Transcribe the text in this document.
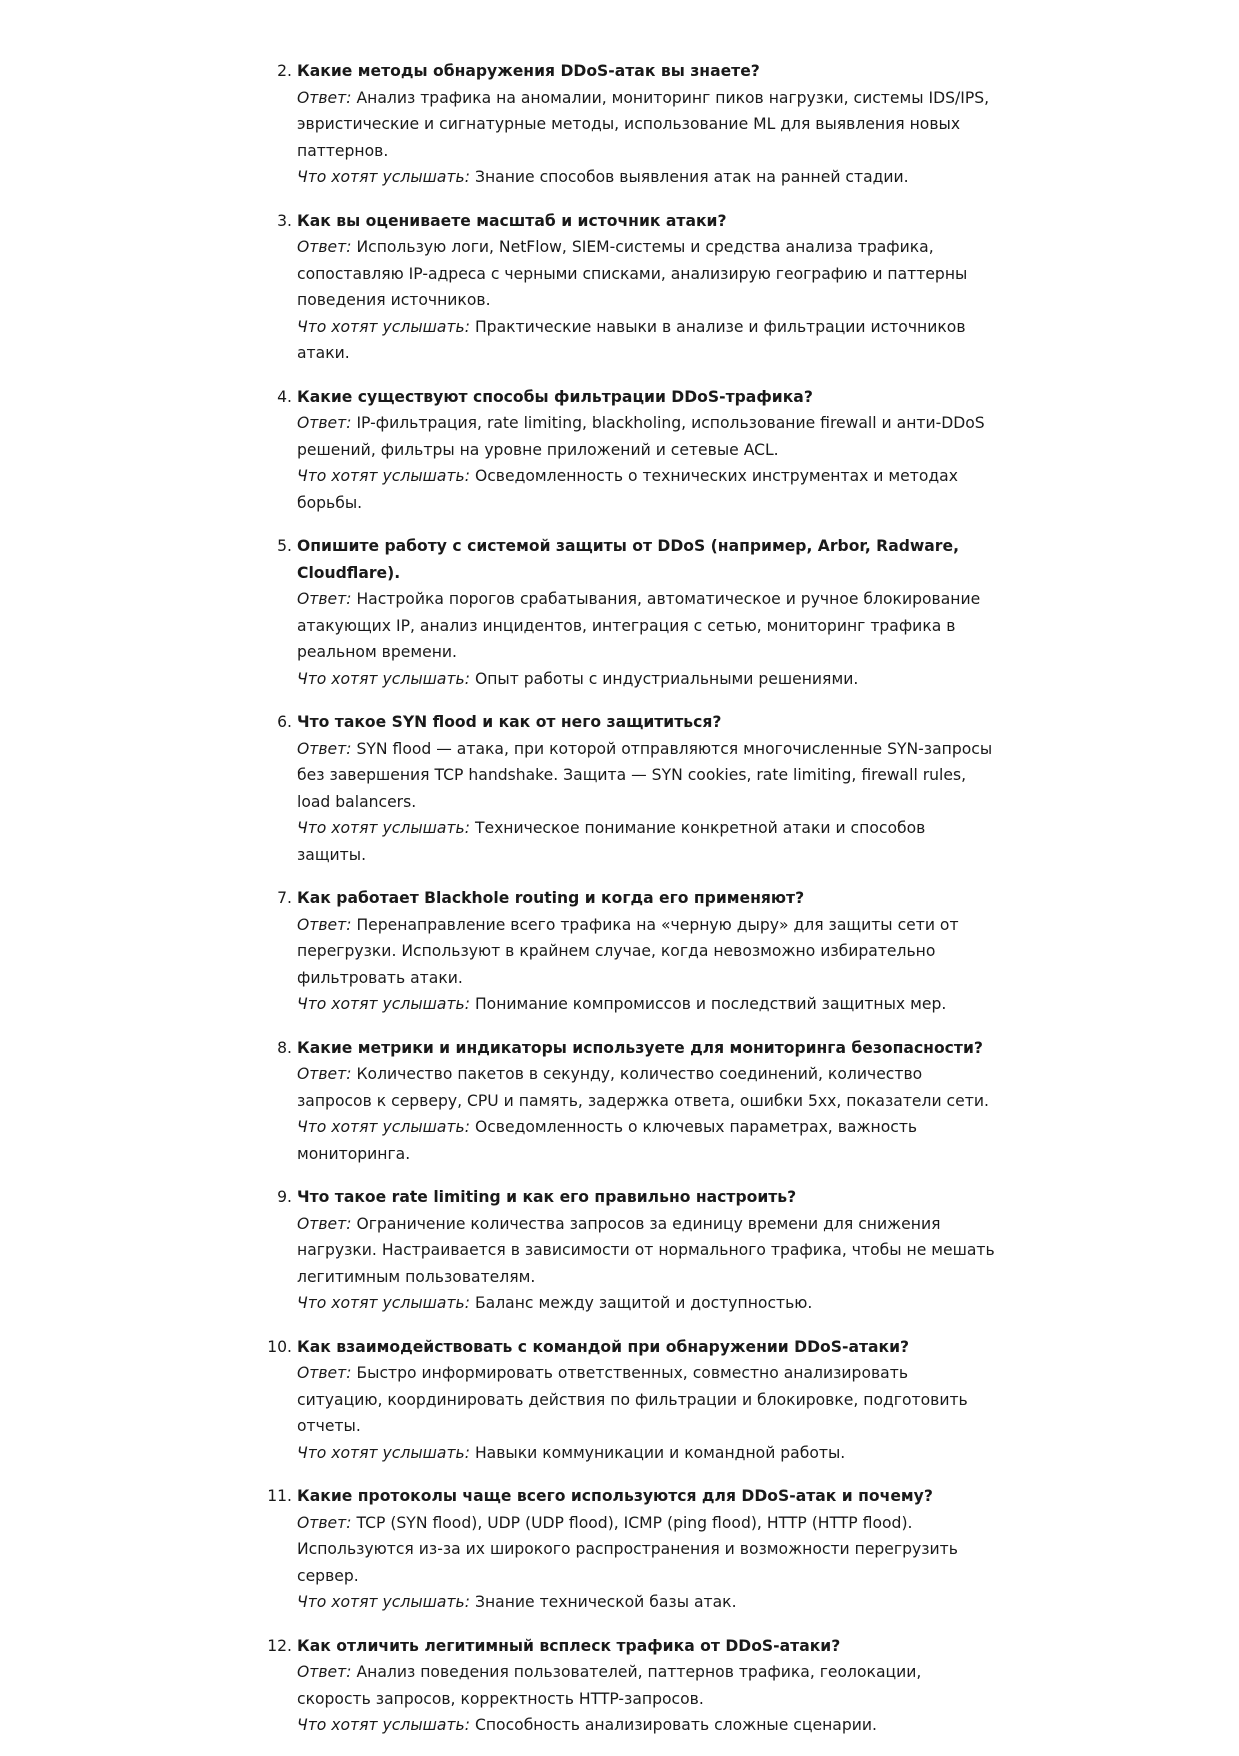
2. Какие методы обнаружения DDoS-атак вы знаете?
Ответ: Анализ трафика на аномалии, мониторинг пиков нагрузки, системы IDS/IPS, эвристические и сигнатурные методы, использование ML для выявления новых паттернов.
Что хотят услышать: Знание способов выявления атак на ранней стадии.
3. Как вы оцениваете масштаб и источник атаки?
Ответ: Использую логи, NetFlow, SIEM-системы и средства анализа трафика, сопоставляю IP-адреса с черными списками, анализирую географию и паттерны поведения источников.
Что хотят услышать: Практические навыки в анализе и фильтрации источников атаки.
4. Какие существуют способы фильтрации DDoS-трафика?
Ответ: IP-фильтрация, rate limiting, blackholing, использование firewall и анти-DDoS решений, фильтры на уровне приложений и сетевые ACL.
Что хотят услышать: Осведомленность о технических инструментах и методах борьбы.
5. Опишите работу с системой защиты от DDoS (например, Arbor, Radware, Cloudflare).
Ответ: Настройка порогов срабатывания, автоматическое и ручное блокирование атакующих IP, анализ инцидентов, интеграция с сетью, мониторинг трафика в реальном времени.
Что хотят услышать: Опыт работы с индустриальными решениями.
6. Что такое SYN flood и как от него защититься?
Ответ: SYN flood — атака, при которой отправляются многочисленные SYN-запросы без завершения TCP handshake. Защита — SYN cookies, rate limiting, firewall rules, load balancers.
Что хотят услышать: Техническое понимание конкретной атаки и способов защиты.
7. Как работает Blackhole routing и когда его применяют?
Ответ: Перенаправление всего трафика на «черную дыру» для защиты сети от перегрузки. Используют в крайнем случае, когда невозможно избирательно фильтровать атаки.
Что хотят услышать: Понимание компромиссов и последствий защитных мер.
8. Какие метрики и индикаторы используете для мониторинга безопасности?
Ответ: Количество пакетов в секунду, количество соединений, количество запросов к серверу, CPU и память, задержка ответа, ошибки 5xx, показатели сети.
Что хотят услышать: Осведомленность о ключевых параметрах, важность мониторинга.
9. Что такое rate limiting и как его правильно настроить?
Ответ: Ограничение количества запросов за единицу времени для снижения нагрузки. Настраивается в зависимости от нормального трафика, чтобы не мешать легитимным пользователям.
Что хотят услышать: Баланс между защитой и доступностью.
10. Как взаимодействовать с командой при обнаружении DDoS-атаки?
Ответ: Быстро информировать ответственных, совместно анализировать ситуацию, координировать действия по фильтрации и блокировке, подготовить отчеты.
Что хотят услышать: Навыки коммуникации и командной работы.
11. Какие протоколы чаще всего используются для DDoS-атак и почему?
Ответ: TCP (SYN flood), UDP (UDP flood), ICMP (ping flood), HTTP (HTTP flood). Используются из-за их широкого распространения и возможности перегрузить сервер.
Что хотят услышать: Знание технической базы атак.
12. Как отличить легитимный всплеск трафика от DDoS-атаки?
Ответ: Анализ поведения пользователей, паттернов трафика, геолокации, скорость запросов, корректность HTTP-запросов.
Что хотят услышать: Способность анализировать сложные сценарии.
